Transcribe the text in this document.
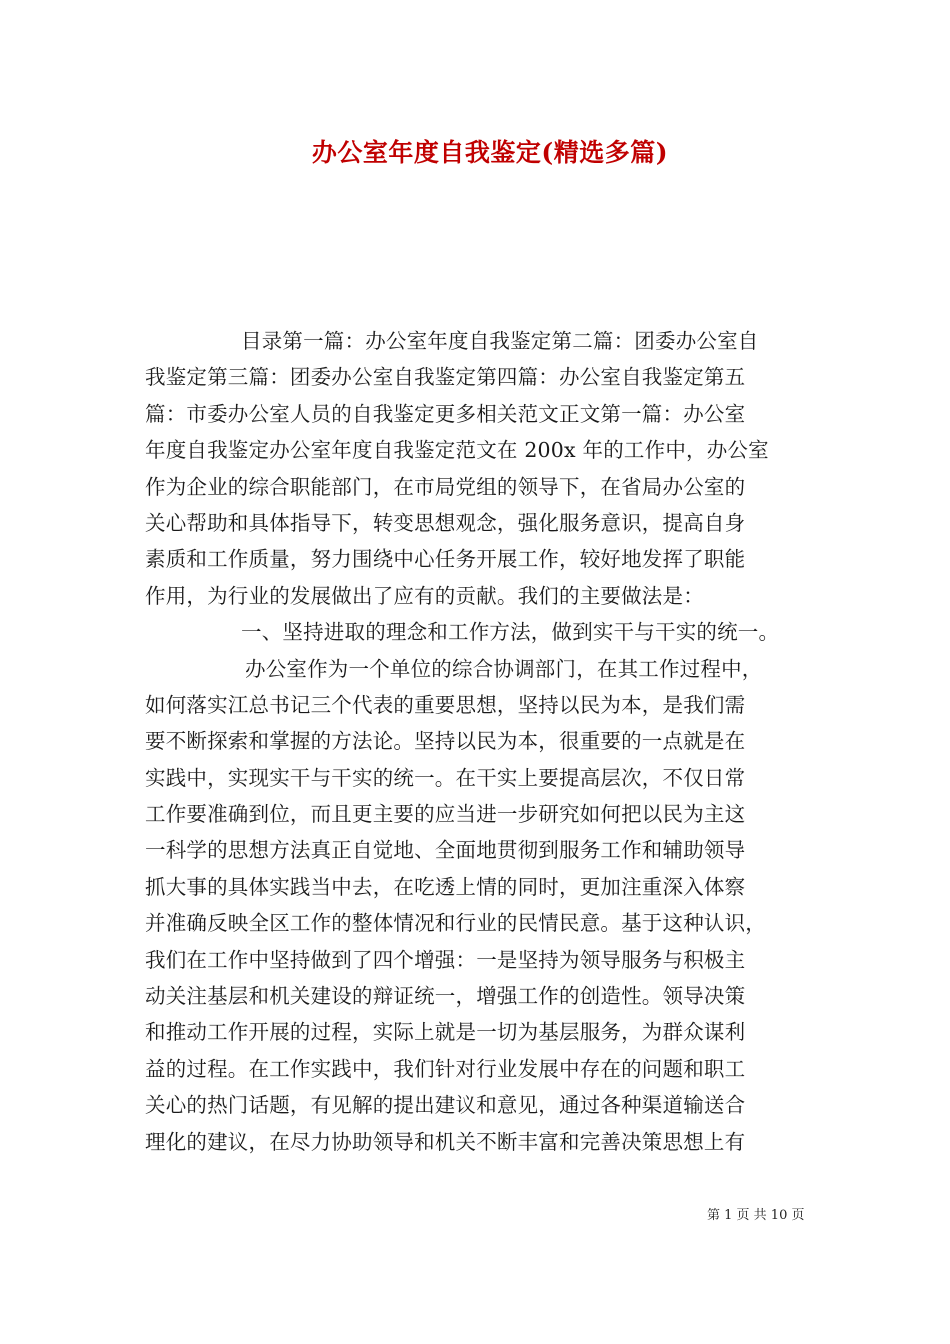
办公室年度自我鉴定(精选多篇)
目录第一篇：办公室年度自我鉴定第二篇：团委办公室自
我鉴定第三篇：团委办公室自我鉴定第四篇：办公室自我鉴定第五
篇：市委办公室人员的自我鉴定更多相关范文正文第一篇：办公室
年度自我鉴定办公室年度自我鉴定范文在 200x 年的工作中，办公室
作为企业的综合职能部门，在市局党组的领导下，在省局办公室的
关心帮助和具体指导下，转变思想观念，强化服务意识，提高自身
素质和工作质量，努力围绕中心任务开展工作，较好地发挥了职能
作用，为行业的发展做出了应有的贡献。我们的主要做法是：
一、坚持进取的理念和工作方法，做到实干与干实的统一。
办公室作为一个单位的综合协调部门，在其工作过程中，
如何落实江总书记三个代表的重要思想，坚持以民为本，是我们需
要不断探索和掌握的方法论。坚持以民为本，很重要的一点就是在
实践中，实现实干与干实的统一。在干实上要提高层次，不仅日常
工作要准确到位，而且更主要的应当进一步研究如何把以民为主这
一科学的思想方法真正自觉地、全面地贯彻到服务工作和辅助领导
抓大事的具体实践当中去，在吃透上情的同时，更加注重深入体察
并准确反映全区工作的整体情况和行业的民情民意。基于这种认识，
我们在工作中坚持做到了四个增强：一是坚持为领导服务与积极主
动关注基层和机关建设的辩证统一，增强工作的创造性。领导决策
和推动工作开展的过程，实际上就是一切为基层服务，为群众谋利
益的过程。在工作实践中，我们针对行业发展中存在的问题和职工
关心的热门话题，有见解的提出建议和意见，通过各种渠道输送合
理化的建议，在尽力协助领导和机关不断丰富和完善决策思想上有
第 1 页 共 10 页
